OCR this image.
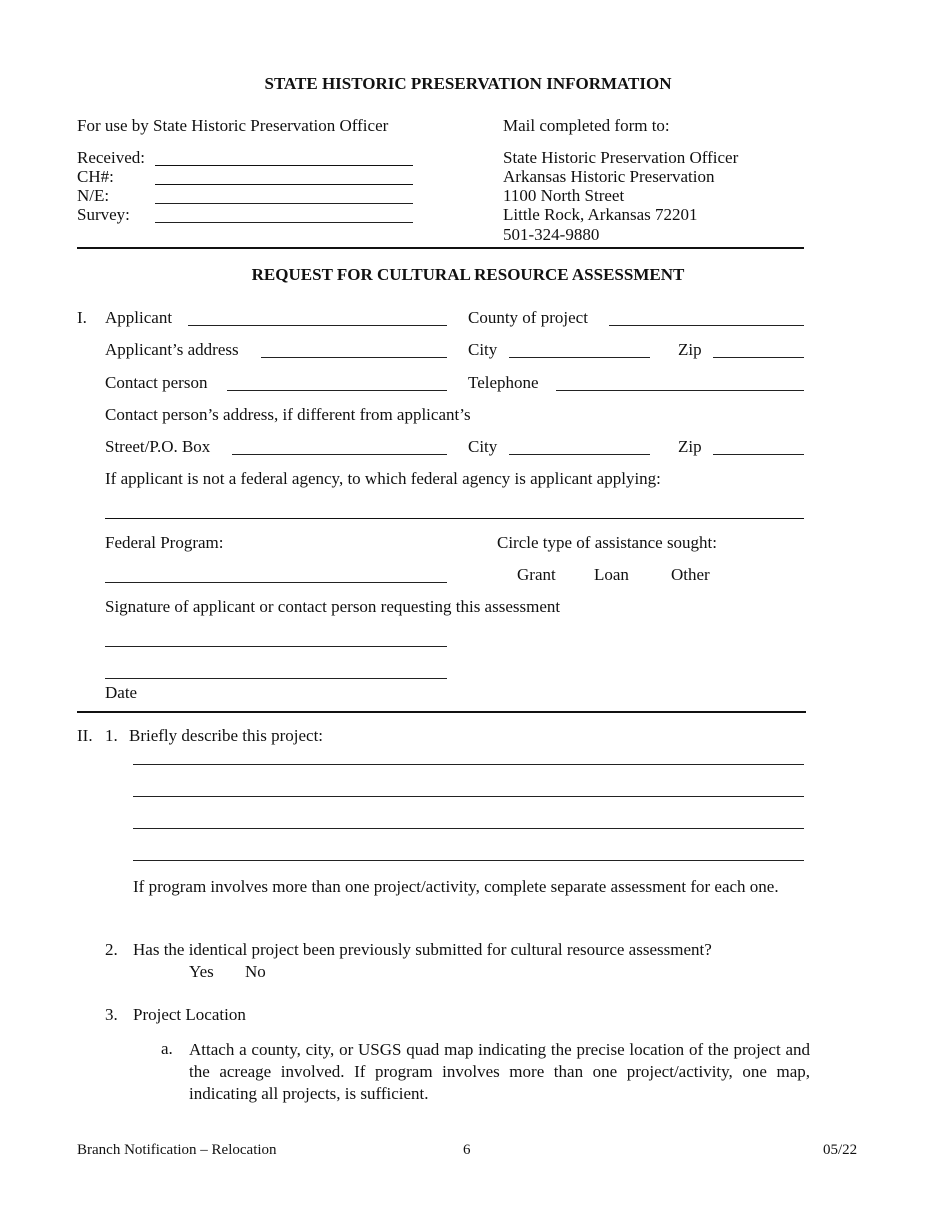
STATE HISTORIC PRESERVATION INFORMATION
For use by State Historic Preservation Officer	Mail completed form to:
Received:
CH#:
N/E:
Survey:
State Historic Preservation Officer
Arkansas Historic Preservation
1100 North Street
Little Rock, Arkansas 72201
501-324-9880
REQUEST FOR CULTURAL RESOURCE ASSESSMENT
I. Applicant	County of project
Applicant’s address	City	Zip
Contact person	Telephone
Contact person’s address, if different from applicant’s
Street/P.O. Box	City	Zip
If applicant is not a federal agency, to which federal agency is applicant applying:
Federal Program:	Circle type of assistance sought:
Grant Loan Other
Signature of applicant or contact person requesting this assessment
Date
II. 1. Briefly describe this project:
If program involves more than one project/activity, complete separate assessment for each one.
2. Has the identical project been previously submitted for cultural resource assessment?
Yes No
3. Project Location
a. Attach a county, city, or USGS quad map indicating the precise location of the project and the acreage involved. If program involves more than one project/activity, one map, indicating all projects, is sufficient.
Branch Notification – Relocation	6	05/22
